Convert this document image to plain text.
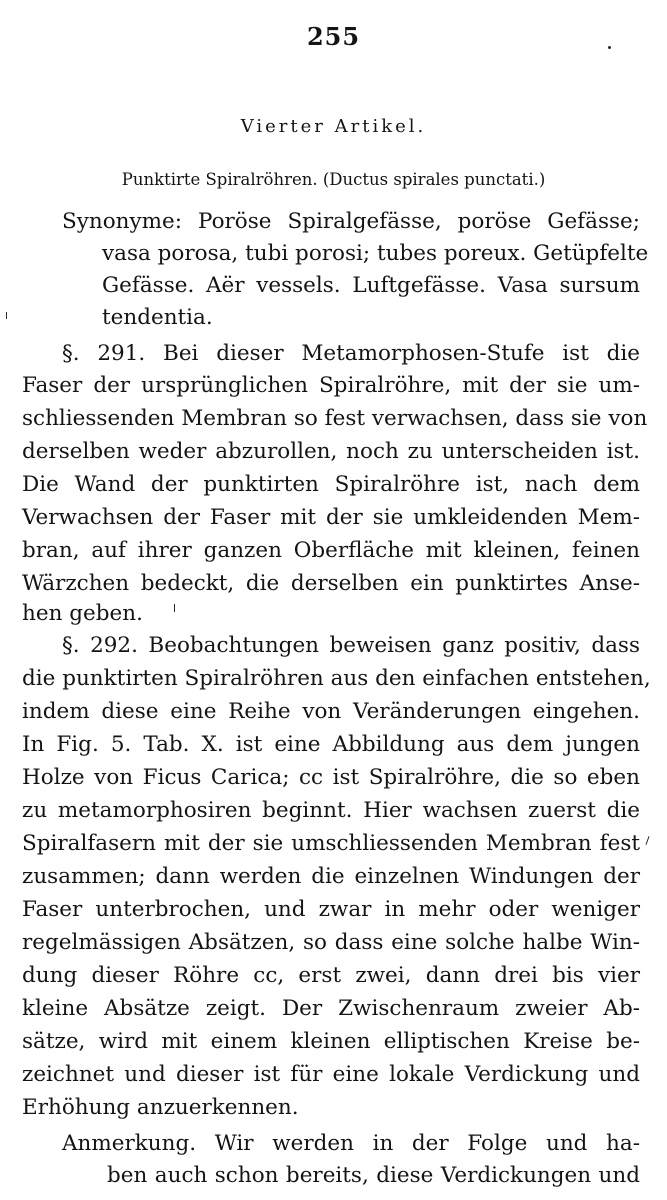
255
Vierter Artikel.
Punktirte Spiralröhren. (Ductus spirales punctati.)
Synonyme: Poröse Spiralgefässe, poröse Gefässe;
vasa porosa, tubi porosi; tubes poreux. Getüpfelte
Gefässe. Aër vessels. Luftgefässe. Vasa sursum
tendentia.
§. 291. Bei dieser Metamorphosen-Stufe ist die
Faser der ursprünglichen Spiralröhre, mit der sie um-
schliessenden Membran so fest verwachsen, dass sie von
derselben weder abzurollen, noch zu unterscheiden ist.
Die Wand der punktirten Spiralröhre ist, nach dem
Verwachsen der Faser mit der sie umkleidenden Mem-
bran, auf ihrer ganzen Oberfläche mit kleinen, feinen
Wärzchen bedeckt, die derselben ein punktirtes Anse-
hen geben.
§. 292. Beobachtungen beweisen ganz positiv, dass
die punktirten Spiralröhren aus den einfachen entstehen,
indem diese eine Reihe von Veränderungen eingehen.
In Fig. 5. Tab. X. ist eine Abbildung aus dem jungen
Holze von Ficus Carica; cc ist Spiralröhre, die so eben
zu metamorphosiren beginnt. Hier wachsen zuerst die
Spiralfasern mit der sie umschliessenden Membran fest
zusammen; dann werden die einzelnen Windungen der
Faser unterbrochen, und zwar in mehr oder weniger
regelmässigen Absätzen, so dass eine solche halbe Win-
dung dieser Röhre cc, erst zwei, dann drei bis vier
kleine Absätze zeigt. Der Zwischenraum zweier Ab-
sätze, wird mit einem kleinen elliptischen Kreise be-
zeichnet und dieser ist für eine lokale Verdickung und
Erhöhung anzuerkennen.
Anmerkung. Wir werden in der Folge und ha-
ben auch schon bereits, diese Verdickungen und
